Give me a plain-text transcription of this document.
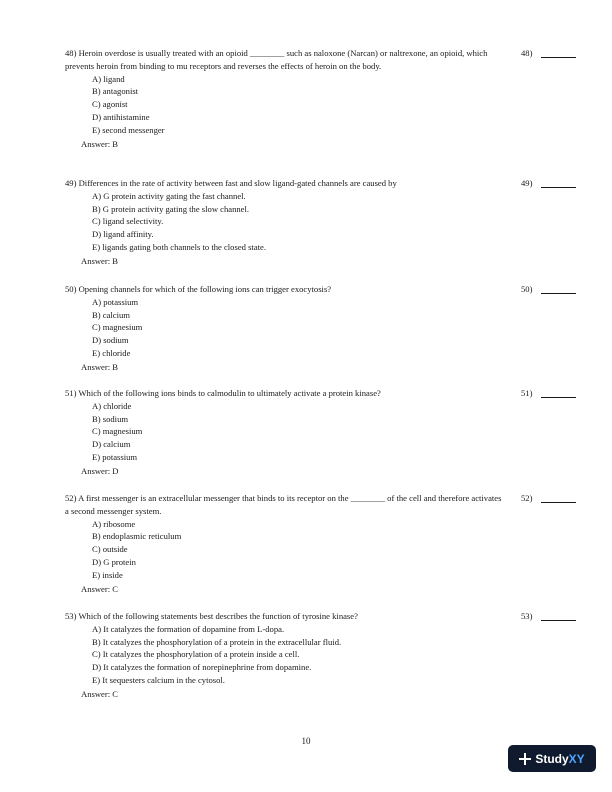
48) Heroin overdose is usually treated with an opioid ________ such as naloxone (Narcan) or naltrexone, an opioid, which prevents heroin from binding to mu receptors and reverses the effects of heroin on the body.
A) ligand
B) antagonist
C) agonist
D) antihistamine
E) second messenger
Answer: B
48)
49) Differences in the rate of activity between fast and slow ligand-gated channels are caused by
A) G protein activity gating the fast channel.
B) G protein activity gating the slow channel.
C) ligand selectivity.
D) ligand affinity.
E) ligands gating both channels to the closed state.
Answer: B
49)
50) Opening channels for which of the following ions can trigger exocytosis?
A) potassium
B) calcium
C) magnesium
D) sodium
E) chloride
Answer: B
50)
51) Which of the following ions binds to calmodulin to ultimately activate a protein kinase?
A) chloride
B) sodium
C) magnesium
D) calcium
E) potassium
Answer: D
51)
52) A first messenger is an extracellular messenger that binds to its receptor on the ________ of the cell and therefore activates a second messenger system.
A) ribosome
B) endoplasmic reticulum
C) outside
D) G protein
E) inside
Answer: C
52)
53) Which of the following statements best describes the function of tyrosine kinase?
A) It catalyzes the formation of dopamine from L-dopa.
B) It catalyzes the phosphorylation of a protein in the extracellular fluid.
C) It catalyzes the phosphorylation of a protein inside a cell.
D) It catalyzes the formation of norepinephrine from dopamine.
E) It sequesters calcium in the cytosol.
Answer: C
53)
10
Study XY
